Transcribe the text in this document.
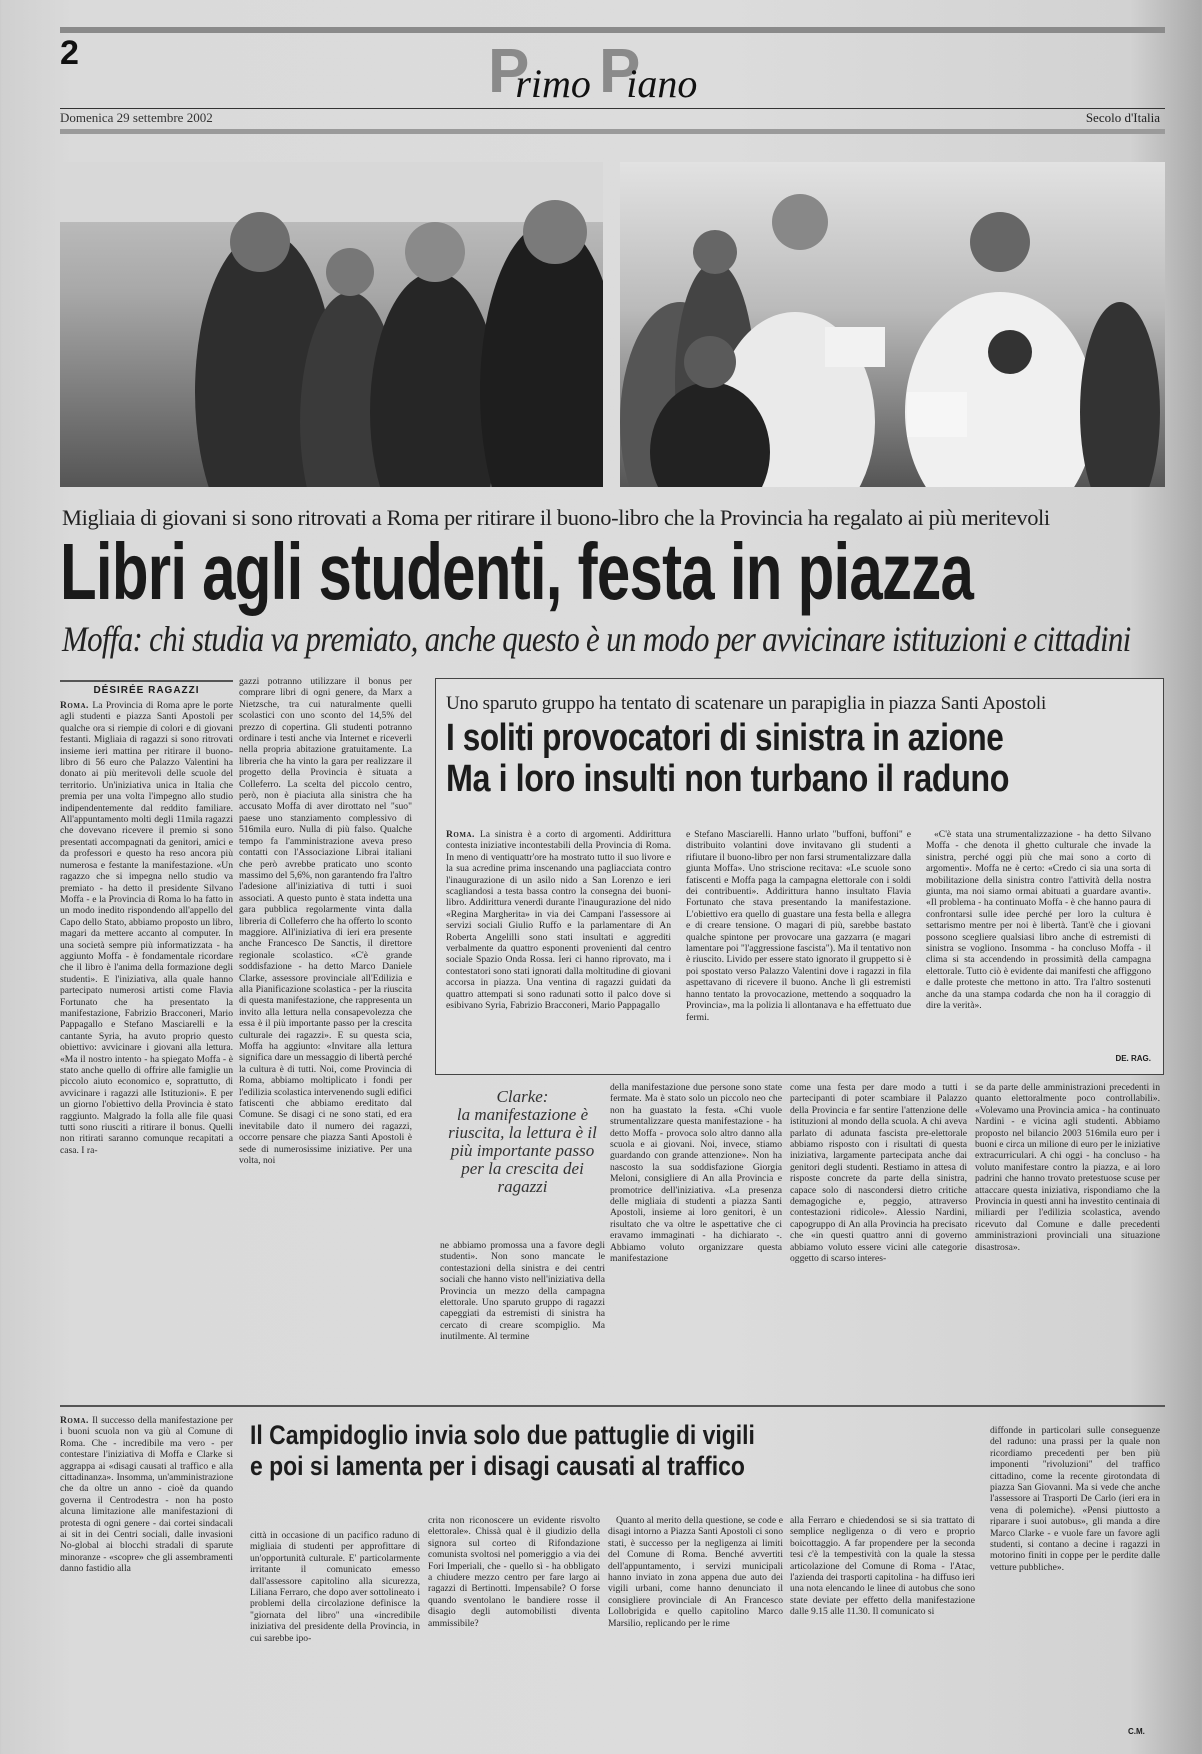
2	Primo Piano
Domenica 29 settembre 2002	Secolo d'Italia
Migliaia di giovani si sono ritrovati a Roma per ritirare il buono-libro che la Provincia ha regalato ai più meritevoli
Libri agli studenti, festa in piazza
Moffa: chi studia va premiato, anche questo è un modo per avvicinare istituzioni e cittadini
DÉSIRÉE RAGAZZI

Roma. La Provincia di Roma apre le porte agli studenti e piazza Santi Apostoli per qualche ora si riempie di colori e di giovani festanti. Migliaia di ragazzi si sono ritrovati insieme ieri mattina per ritirare il buono-libro di 56 euro che Palazzo Valentini ha donato ai più meritevoli delle scuole del territorio. Un'iniziativa unica in Italia che premia per una volta l'impegno allo studio indipendentemente dal reddito familiare. All'appuntamento molti degli 11mila ragazzi che dovevano ricevere il premio si sono presentati accompagnati da genitori, amici e da professori e questo ha reso ancora più numerosa e festante la manifestazione. «Un ragazzo che si impegna nello studio va premiato - ha detto il presidente Silvano Moffa - e la Provincia di Roma lo ha fatto in un modo inedito rispondendo all'appello del Capo dello Stato, abbiamo proposto un libro, magari da mettere accanto al computer. In una società sempre più informatizzata - ha aggiunto Moffa - è fondamentale ricordare che il libro è l'anima della formazione degli studenti». E l'iniziativa, alla quale hanno partecipato numerosi artisti come Flavia Fortunato che ha presentato la manifestazione, Fabrizio Bracconeri, Mario Pappagallo e Stefano Masciarelli e la cantante Syria, ha avuto proprio questo obiettivo: avvicinare i giovani alla lettura. «Ma il nostro intento - ha spiegato Moffa - è stato anche quello di offrire alle famiglie un piccolo aiuto economico e, soprattutto, di avvicinare i ragazzi alle Istituzioni». E per un giorno l'obiettivo della Provincia è stato raggiunto. Malgrado la folla alle file quasi tutti sono riusciti a ritirare il bonus. Quelli non ritirati saranno comunque recapitati a casa. I ra-

gazzi potranno utilizzare il bonus per comprare libri di ogni genere, da Marx a Nietzsche, tra cui naturalmente quelli scolastici con uno sconto del 14,5% del prezzo di copertina. Gli studenti potranno ordinare i testi anche via Internet e riceverli nella propria abitazione gratuitamente. La libreria che ha vinto la gara per realizzare il progetto della Provincia è situata a Colleferro. La scelta del piccolo centro, però, non è piaciuta alla sinistra che ha accusato Moffa di aver dirottato nel "suo" paese uno stanziamento complessivo di 516mila euro. Nulla di più falso. Qualche tempo fa l'amministrazione aveva preso contatti con l'Associazione Librai italiani che però avrebbe praticato uno sconto massimo del 5,6%, non garantendo fra l'altro l'adesione all'iniziativa di tutti i suoi associati. A questo punto è stata indetta una gara pubblica regolarmente vinta dalla libreria di Colleferro che ha offerto lo sconto maggiore. All'iniziativa di ieri era presente anche Francesco De Sanctis, il direttore regionale scolastico. «C'è grande soddisfazione - ha detto Marco Daniele Clarke, assessore provinciale all'Edilizia e alla Pianificazione scolastica - per la riuscita di questa manifestazione, che rappresenta un invito alla lettura nella consapevolezza che essa è il più importante passo per la crescita culturale dei ragazzi». E su questa scia, Moffa ha aggiunto: «Invitare alla lettura significa dare un messaggio di libertà perché la cultura è di tutti. Noi, come Provincia di Roma, abbiamo moltiplicato i fondi per l'edilizia scolastica intervenendo sugli edifici fatiscenti che abbiamo ereditato dal Comune. Se disagi ci ne sono stati, ed era inevitabile dato il numero dei ragazzi, occorre pensare che piazza Santi Apostoli è sede di numerosissime iniziative. Per una volta, noi

Uno sparuto gruppo ha tentato di scatenare un parapiglia in piazza Santi Apostoli
I soliti provocatori di sinistra in azione
Ma i loro insulti non turbano il raduno

Roma. La sinistra è a corto di argomenti. Addirittura contesta iniziative incontestabili della Provincia di Roma. In meno di ventiquattr'ore ha mostrato tutto il suo livore e la sua acredine prima inscenando una pagliacciata contro l'inaugurazione di un asilo nido a San Lorenzo e ieri scagliandosi a testa bassa contro la consegna dei buoni-libro. Addirittura venerdì durante l'inaugurazione del nido «Regina Margherita» in via dei Campani l'assessore ai servizi sociali Giulio Ruffo e la parlamentare di An Roberta Angelilli sono stati insultati e aggrediti verbalmente da quattro esponenti provenienti dal centro sociale Spazio Onda Rossa. Ieri ci hanno riprovato, ma i contestatori sono stati ignorati dalla moltitudine di giovani accorsa in piazza. Una ventina di ragazzi guidati da quattro attempati si sono radunati sotto il palco dove si esibivano Syria, Fabrizio Bracconeri, Mario Pappagallo

e Stefano Masciarelli. Hanno urlato "buffoni, buffoni" e distribuito volantini dove invitavano gli studenti a rifiutare il buono-libro per non farsi strumentalizzare dalla giunta Moffa». Uno striscione recitava: «Le scuole sono fatiscenti e Moffa paga la campagna elettorale con i soldi dei contribuenti». Addirittura hanno insultato Flavia Fortunato che stava presentando la manifestazione. L'obiettivo era quello di guastare una festa bella e allegra e di creare tensione. O magari di più, sarebbe bastato qualche spintone per provocare una gazzarra (e magari lamentare poi "l'aggressione fascista"). Ma il tentativo non è riuscito. Livido per essere stato ignorato il gruppetto si è poi spostato verso Palazzo Valentini dove i ragazzi in fila aspettavano di ricevere il buono. Anche lì gli estremisti hanno tentato la provocazione, mettendo a soqquadro la Provincia», ma la polizia li allontanava e ha effettuato due fermi.

«C'è stata una strumentalizzazione - ha detto Silvano Moffa - che denota il ghetto culturale che invade la sinistra, perché oggi più che mai sono a corto di argomenti». Moffa ne è certo: «Credo ci sia una sorta di mobilitazione della sinistra contro l'attività della nostra giunta, ma noi siamo ormai abituati a guardare avanti». «Il problema - ha continuato Moffa - è che hanno paura di confrontarsi sulle idee perché per loro la cultura è settarismo mentre per noi è libertà. Tant'è che i giovani possono scegliere qualsiasi libro anche di estremisti di sinistra se vogliono. Insomma - ha concluso Moffa - il clima si sta accendendo in prossimità della campagna elettorale. Tutto ciò è evidente dai manifesti che affiggono e dalle proteste che mettono in atto. Tra l'altro sostenuti anche da una stampa codarda che non ha il coraggio di dire la verità».

DE. RAG.
Clarke:
la manifestazione è riuscita, la lettura è il più importante passo per la crescita dei ragazzi

ne abbiamo promossa una a favore degli studenti». Non sono mancate le contestazioni della sinistra e dei centri sociali che hanno visto nell'iniziativa della Provincia un mezzo della campagna elettorale. Uno sparuto gruppo di ragazzi capeggiati da estremisti di sinistra ha cercato di creare scompiglio. Ma inutilmente. Al termine

della manifestazione due persone sono state fermate. Ma è stato solo un piccolo neo che non ha guastato la festa. «Chi vuole strumentalizzare questa manifestazione - ha detto Moffa - provoca solo altro danno alla scuola e ai giovani. Noi, invece, stiamo guardando con grande attenzione». Non ha nascosto la sua soddisfazione Giorgia Meloni, consigliere di An alla Provincia e promotrice dell'iniziativa. «La presenza delle migliaia di studenti a piazza Santi Apostoli, insieme ai loro genitori, è un risultato che va oltre le aspettative che ci eravamo immaginati - ha dichiarato -. Abbiamo voluto organizzare questa manifestazione

come una festa per dare modo a tutti i partecipanti di poter scambiare il Palazzo della Provincia e far sentire l'attenzione delle istituzioni al mondo della scuola. A chi aveva parlato di adunata fascista pre-elettorale abbiamo risposto con i risultati di questa iniziativa, largamente partecipata anche dai genitori degli studenti. Restiamo in attesa di risposte concrete da parte della sinistra, capace solo di nascondersi dietro critiche demagogiche e, peggio, attraverso contestazioni ridicole». Alessio Nardini, capogruppo di An alla Provincia ha precisato che «in questi quattro anni di governo abbiamo voluto essere vicini alle categorie oggetto di scarso interes-

se da parte delle amministrazioni precedenti in quanto elettoralmente poco controllabili». «Volevamo una Provincia amica - ha continuato Nardini - e vicina agli studenti. Abbiamo proposto nel bilancio 2003 516mila euro per i buoni e circa un milione di euro per le iniziative extracurriculari. A chi oggi - ha concluso - ha voluto manifestare contro la piazza, e ai loro padrini che hanno trovato pretestuose scuse per attaccare questa iniziativa, rispondiamo che la Provincia in questi anni ha investito centinaia di miliardi per l'edilizia scolastica, avendo ricevuto dal Comune e dalle precedenti amministrazioni provinciali una situazione disastrosa».

Roma. Il successo della manifestazione per i buoni scuola non va giù al Comune di Roma. Che - incredibile ma vero - per contestare l'iniziativa di Moffa e Clarke si aggrappa ai «disagi causati al traffico e alla cittadinanza». Insomma, un'amministrazione che da oltre un anno - cioè da quando governa il Centrodestra - non ha posto alcuna limitazione alle manifestazioni di protesta di ogni genere - dai cortei sindacali ai sit in dei Centri sociali, dalle invasioni No-global ai blocchi stradali di sparute minoranze - «scopre» che gli assembramenti danno fastidio alla

Il Campidoglio invia solo due pattuglie di vigili
e poi si lamenta per i disagi causati al traffico

città in occasione di un pacifico raduno di migliaia di studenti per approfittare di un'opportunità culturale. E' particolarmente irritante il comunicato emesso dall'assessore capitolino alla sicurezza, Liliana Ferraro, che dopo aver sottolineato i problemi della circolazione definisce la "giornata del libro" una «incredibile iniziativa del presidente della Provincia, in cui sarebbe ipo-

crita non riconoscere un evidente risvolto elettorale». Chissà qual è il giudizio della signora sul corteo di Rifondazione comunista svoltosi nel pomeriggio a via dei Fori Imperiali, che - quello sì - ha obbligato a chiudere mezzo centro per fare largo ai ragazzi di Bertinotti. Impensabile? O forse quando sventolano le bandiere rosse il disagio degli automobilisti diventa ammissibile?

Quanto al merito della questione, se code e disagi intorno a Piazza Santi Apostoli ci sono stati, è successo per la negligenza ai limiti del Comune di Roma. Benché avvertiti dell'appuntamento, i servizi municipali hanno inviato in zona appena due auto dei vigili urbani, come hanno denunciato il consigliere provinciale di An Francesco Lollobrigida e quello capitolino Marco Marsilio, replicando per le rime

alla Ferraro e chiedendosi se si sia trattato di semplice negligenza o di vero e proprio boicottaggio. A far propendere per la seconda tesi c'è la tempestività con la quale la stessa articolazione del Comune di Roma - l'Atac, l'azienda dei trasporti capitolina - ha diffuso ieri una nota elencando le linee di autobus che sono state deviate per effetto della manifestazione dalle 9.15 alle 11.30. Il comunicato si

diffonde in particolari sulle conseguenze del raduno: una prassi per la quale non ricordiamo precedenti per ben più imponenti "rivoluzioni" del traffico cittadino, come la recente girotondata di piazza San Giovanni. Ma si vede che anche l'assessore ai Trasporti De Carlo (ieri era in vena di polemiche). «Pensi piuttosto a riparare i suoi autobus», gli manda a dire Marco Clarke - e vuole fare un favore agli studenti, si contano a decine i ragazzi in motorino finiti in coppe per le perdite dalle vetture pubbliche».

C.M.
